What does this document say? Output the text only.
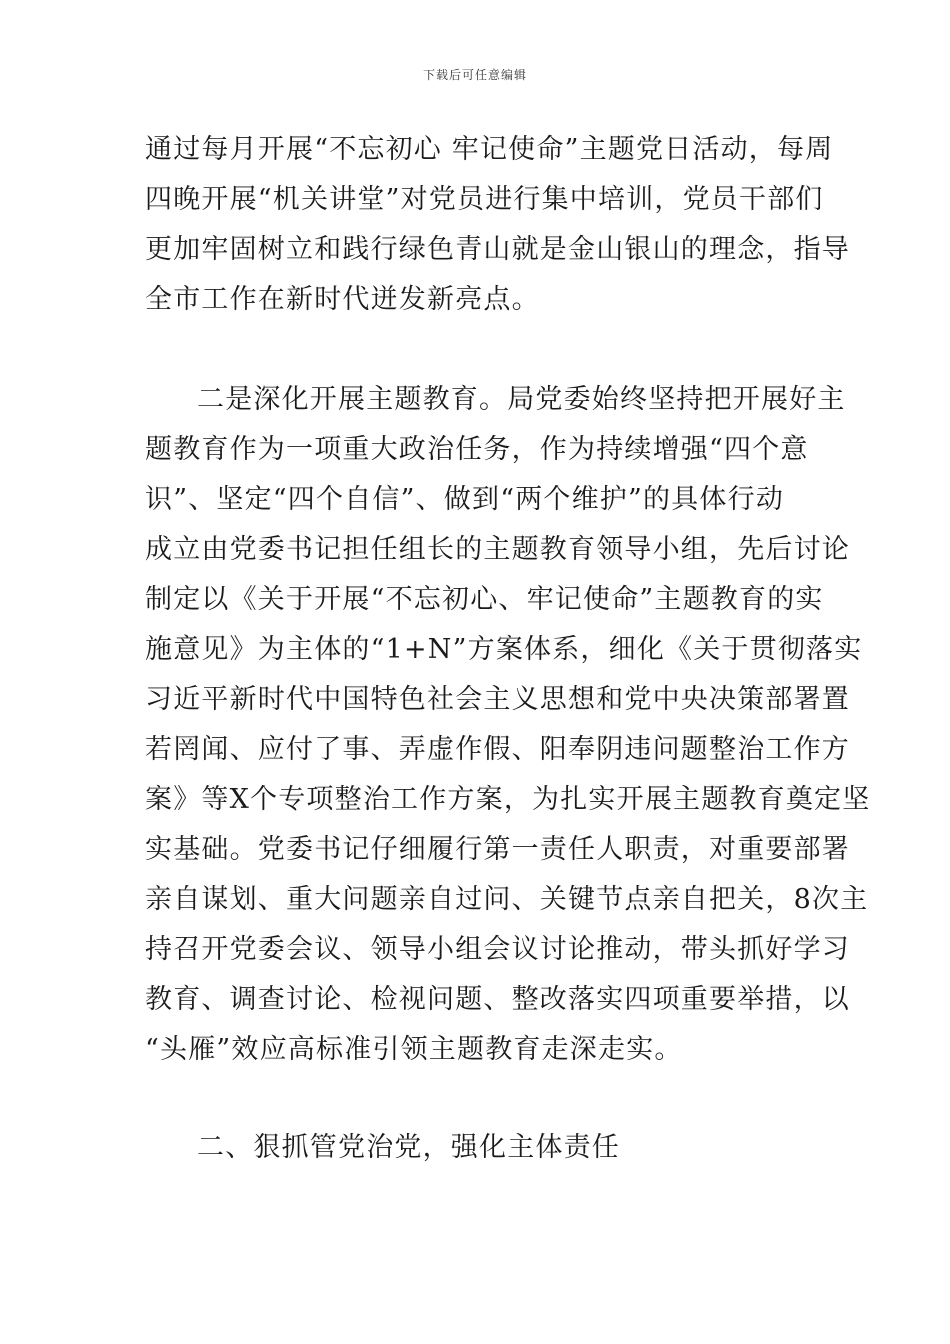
下载后可任意编辑
通过每月开展“不忘初心 牢记使命”主题党日活动，每周
四晚开展“机关讲堂”对党员进行集中培训，党员干部们
更加牢固树立和践行绿色青山就是金山银山的理念，指导
全市工作在新时代迸发新亮点。
二是深化开展主题教育。局党委始终坚持把开展好主
题教育作为一项重大政治任务，作为持续增强“四个意
识”、坚定“四个自信”、做到“两个维护”的具体行动
成立由党委书记担任组长的主题教育领导小组，先后讨论
制定以《关于开展“不忘初心、牢记使命”主题教育的实
施意见》为主体的“1+N”方案体系，细化《关于贯彻落实
习近平新时代中国特色社会主义思想和党中央决策部署置
若罔闻、应付了事、弄虚作假、阳奉阴违问题整治工作方
案》等X个专项整治工作方案，为扎实开展主题教育奠定坚
实基础。党委书记仔细履行第一责任人职责，对重要部署
亲自谋划、重大问题亲自过问、关键节点亲自把关，8次主
持召开党委会议、领导小组会议讨论推动，带头抓好学习
教育、调查讨论、检视问题、整改落实四项重要举措，以
“头雁”效应高标准引领主题教育走深走实。
二、狠抓管党治党，强化主体责任
